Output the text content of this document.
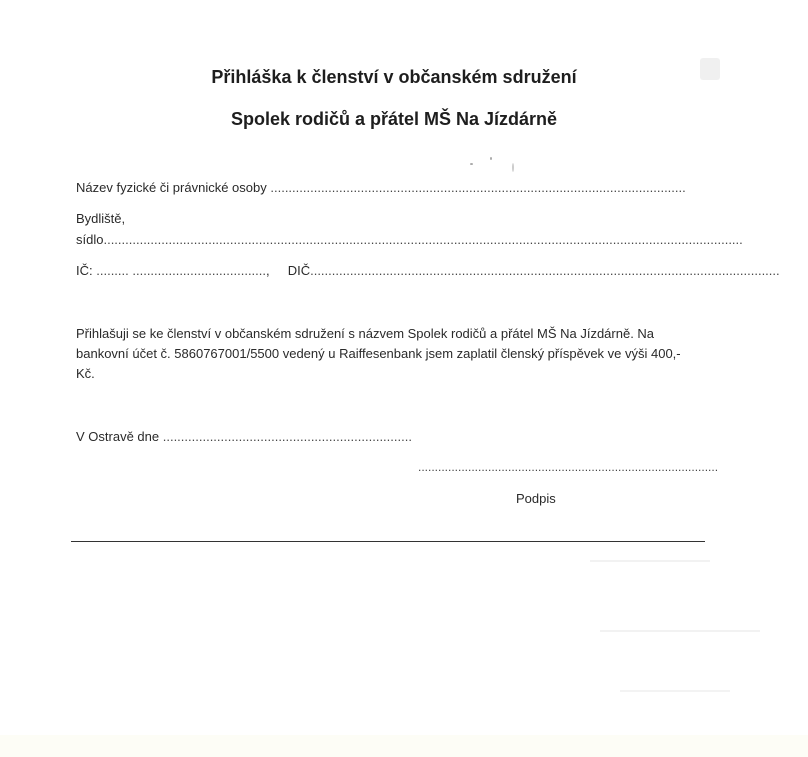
Přihláška k členství v občanském sdružení
Spolek rodičů a přátel MŠ Na Jízdárně
Název fyzické či právnické osoby ...................................................................................................................
Bydliště,
sídlo.................................................................................................................................................................................
IČ: ......... ....................................., DIČ..................................................................................................................................
Přihlašuji se ke členství v občanském sdružení s názvem Spolek rodičů a přátel MŠ Na Jízdárně. Na bankovní účet č. 5860767001/5500 vedený u Raiffesenbank jsem zaplatil členský příspěvek ve výši 400,- Kč.
V Ostravě dne .....................................................................
..........................................................................................
Podpis
